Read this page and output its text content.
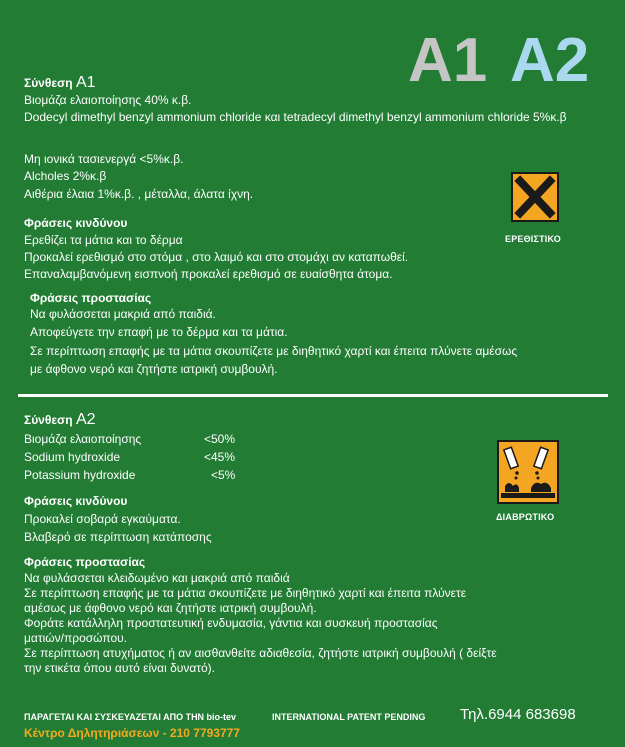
A1 A2
Σύνθεση A1
Βιομάζα ελαιοποίησης 40% κ.β.
Dodecyl dimethyl benzyl ammonium chloride και tetradecyl dimethyl benzyl ammonium chloride 5%κ.β
Μη ιονικά τασιενεργά <5%κ.β.
Alcholes 2%κ.β
Αιθέρια έλαια 1%κ.β. , μέταλλα, άλατα ίχνη.
Φράσεις κινδύνου
Ερεθίζει τα μάτια και το δέρμα
Προκαλεί ερεθισμό στο στόμα , στο λαιμό και στο στομάχι αν καταπωθεί.
Επαναλαμβανόμενη εισπνοή προκαλεί ερεθισμό σε ευαίσθητα άτομα.
Φράσεις προστασίας
Να φυλάσσεται μακριά από παιδιά.
Αποφεύγετε την επαφή με το δέρμα και τα μάτια.
Σε περίπτωση επαφής με τα μάτια σκουπίζετε με διηθητικό χαρτί και έπειτα πλύνετε αμέσως
με άφθονο νερό και ζητήστε ιατρική συμβουλή.
ΕΡΕΘΙΣΤΙΚΟ
Σύνθεση A2
Βιομάζα ελαιοποίησης	<50%
Sodium hydroxide	<45%
Potassium hydroxide	<5%
Φράσεις κινδύνου
Προκαλεί σοβαρά εγκαύματα.
Βλαβερό σε περίπτωση κατάποσης
Φράσεις προστασίας
Να φυλάσσεται κλειδωμένο και μακριά από παιδιά
Σε περίπτωση επαφής με τα μάτια σκουπίζετε με διηθητικό χαρτί και έπειτα πλύνετε
αμέσως με άφθονο νερό και ζητήστε ιατρική συμβουλή.
Φοράτε κατάλληλη προστατευτική ενδυμασία, γάντια και συσκευή προστασίας
ματιών/προσώπου.
Σε περίπτωση ατυχήματος ή αν αισθανθείτε αδιαθεσία, ζητήστε ιατρική συμβουλή ( δείξτε
την ετικέτα όπου αυτό είναι δυνατό).
ΔΙΑΒΡΩΤΙΚΟ
ΠΑΡΑΓΕΤΑΙ ΚΑΙ ΣΥΣΚΕΥΑΖΕΤΑΙ ΑΠΟ ΤΗΝ bio-tev	INTERNATIONAL PATENT PENDING Τηλ.6944 683698
Κέντρο Δηλητηριάσεων - 210 7793777
